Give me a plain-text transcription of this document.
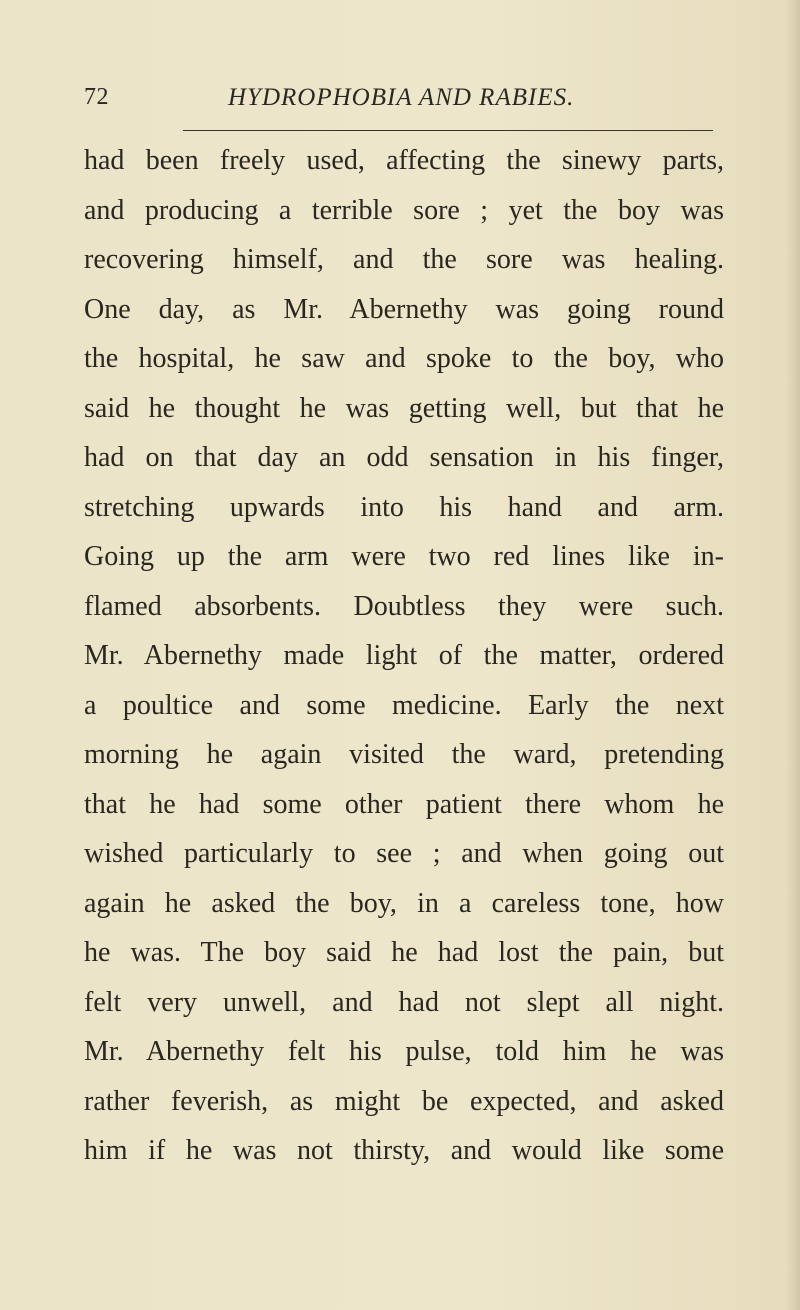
72	HYDROPHOBIA AND RABIES.
had been freely used, affecting the sinewy parts,
and producing a terrible sore ; yet the boy was
recovering himself, and the sore was healing.
One day, as Mr. Abernethy was going round
the hospital, he saw and spoke to the boy, who
said he thought he was getting well, but that he
had on that day an odd sensation in his finger,
stretching upwards into his hand and arm.
Going up the arm were two red lines like in-
flamed absorbents. Doubtless they were such.
Mr. Abernethy made light of the matter, ordered
a poultice and some medicine. Early the next
morning he again visited the ward, pretending
that he had some other patient there whom he
wished particularly to see ; and when going out
again he asked the boy, in a careless tone, how
he was. The boy said he had lost the pain, but
felt very unwell, and had not slept all night.
Mr. Abernethy felt his pulse, told him he was
rather feverish, as might be expected, and asked
him if he was not thirsty, and would like some
